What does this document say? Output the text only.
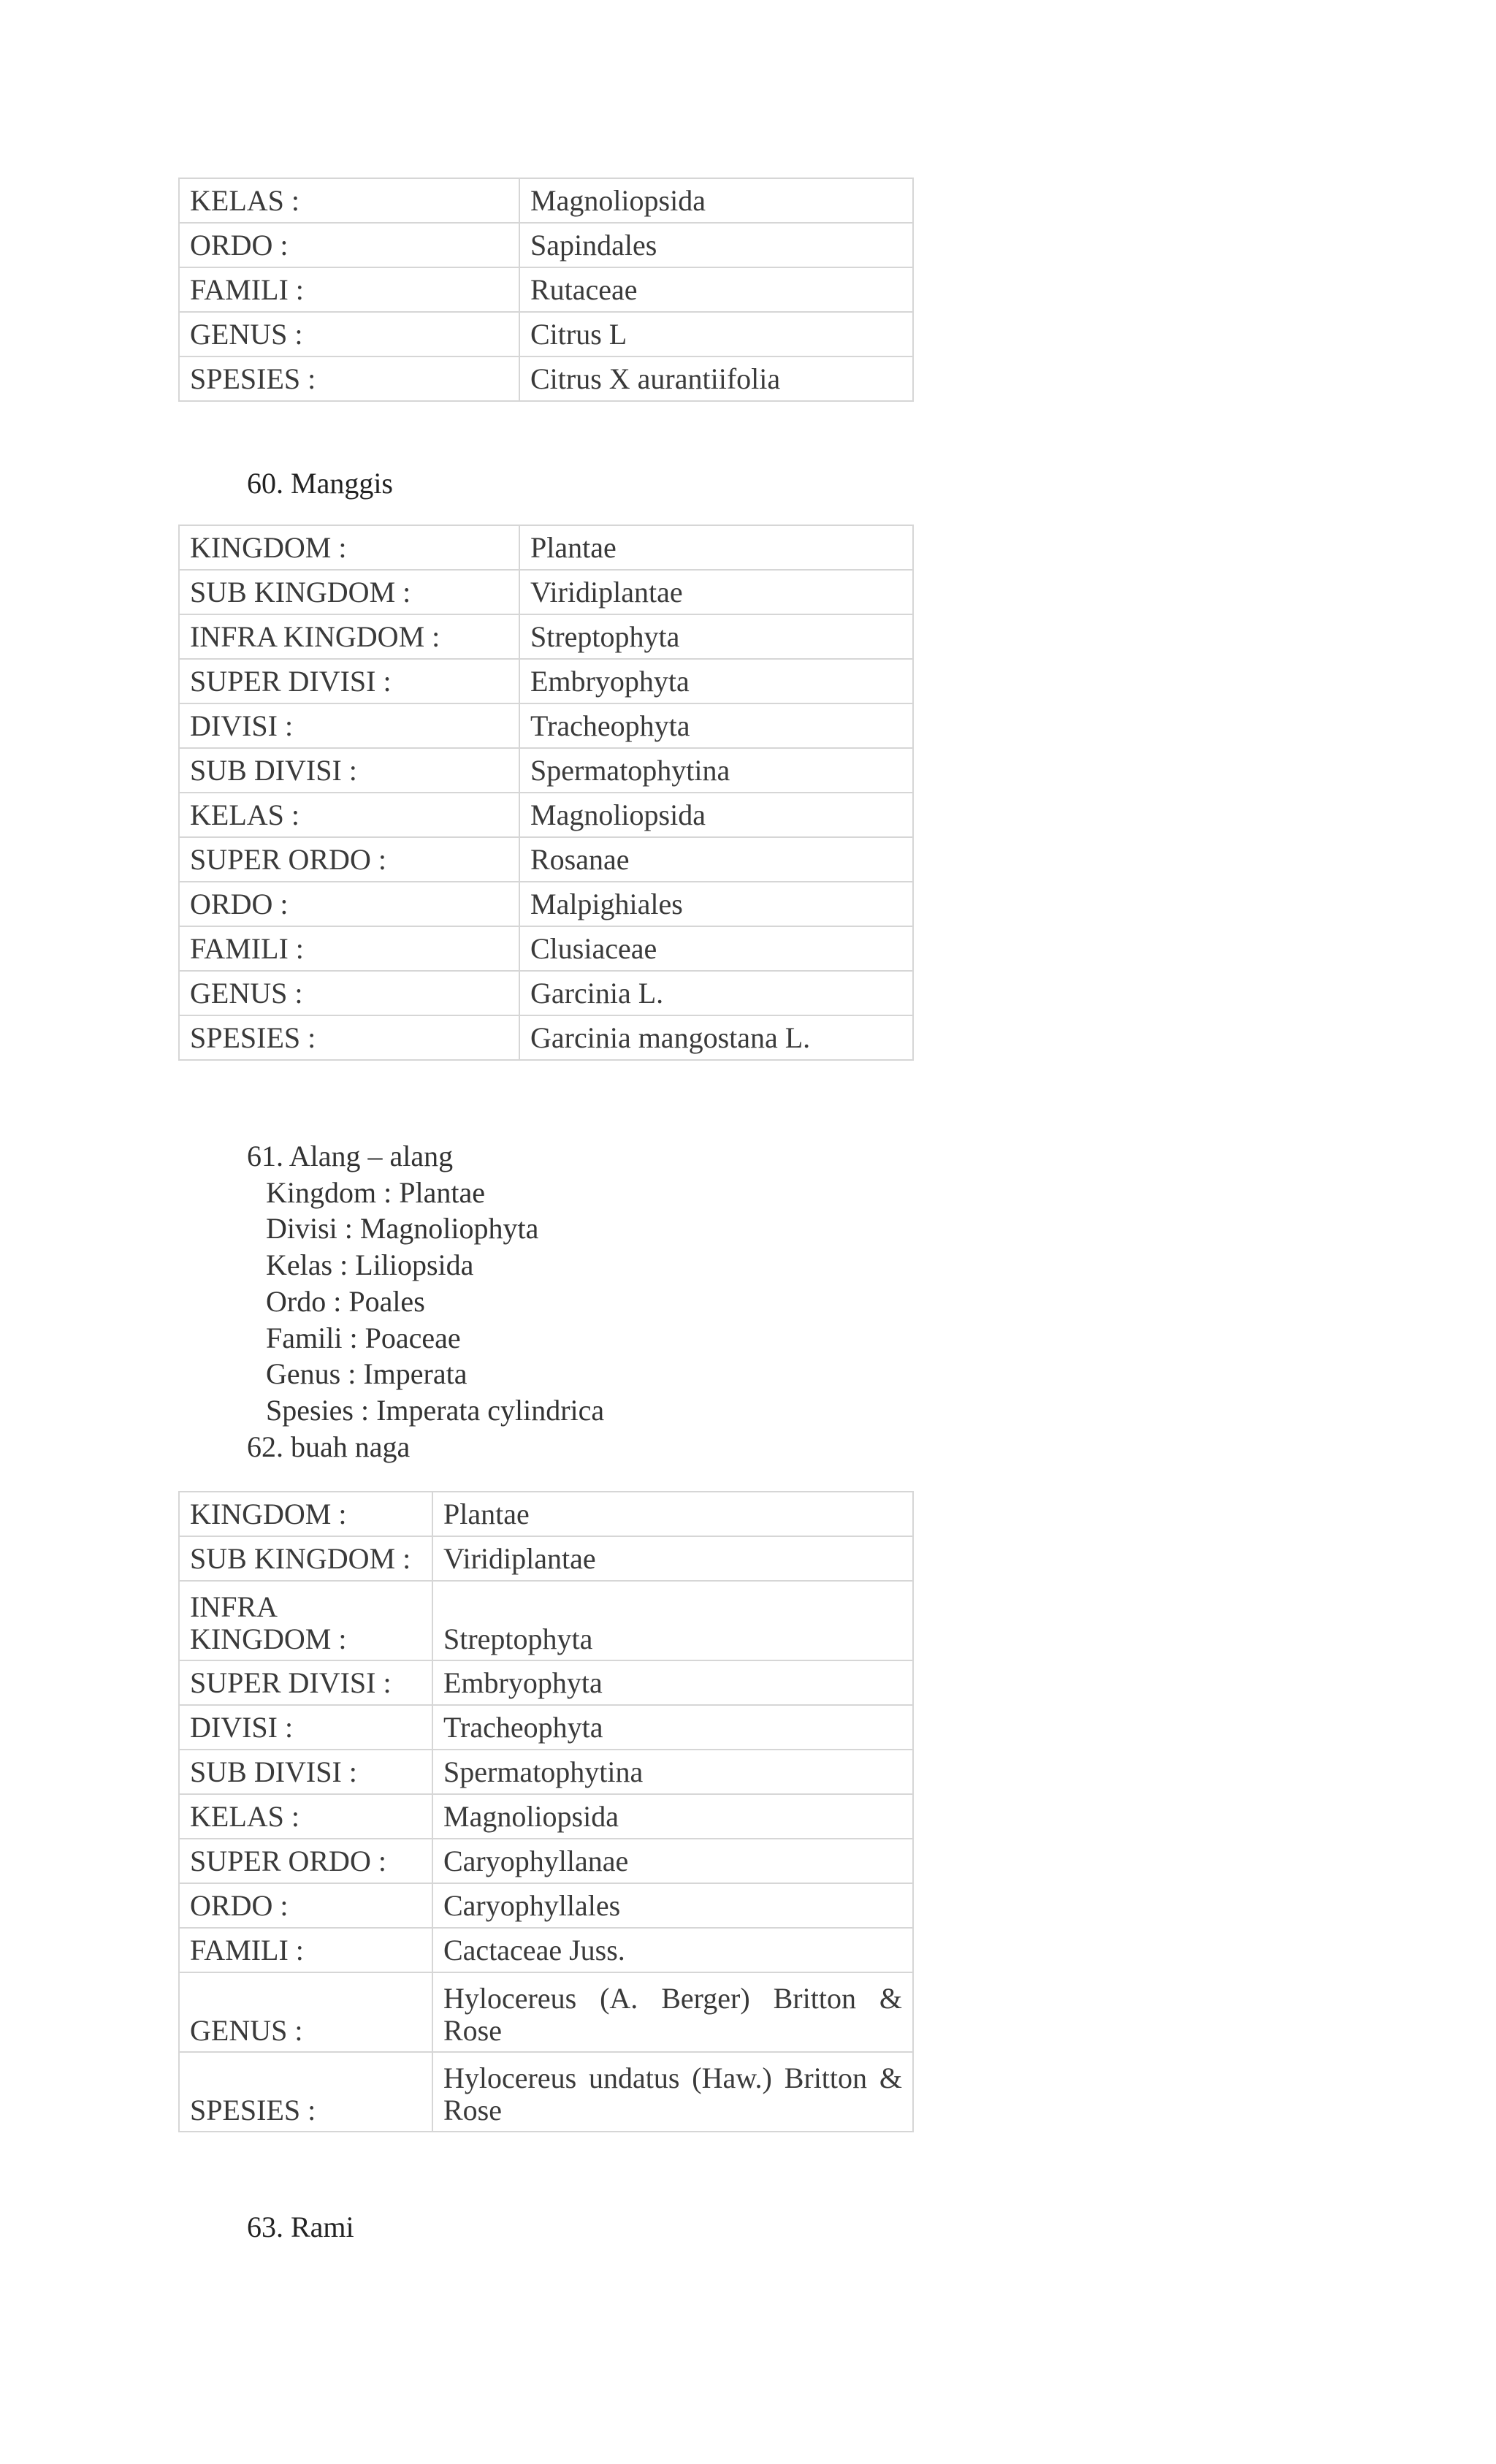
KELAS :	Magnoliopsida
ORDO :	Sapindales
FAMILI :	Rutaceae
GENUS :	Citrus L
SPESIES :	Citrus X aurantiifolia
60. Manggis
KINGDOM :	Plantae
SUB KINGDOM :	Viridiplantae
INFRA KINGDOM :	Streptophyta
SUPER DIVISI :	Embryophyta
DIVISI :	Tracheophyta
SUB DIVISI :	Spermatophytina
KELAS :	Magnoliopsida
SUPER ORDO :	Rosanae
ORDO :	Malpighiales
FAMILI :	Clusiaceae
GENUS :	Garcinia L.
SPESIES :	Garcinia mangostana L.
61. Alang – alang
Kingdom : Plantae
Divisi : Magnoliophyta
Kelas : Liliopsida
Ordo : Poales
Famili : Poaceae
Genus : Imperata
Spesies : Imperata cylindrica
62. buah naga
KINGDOM :	Plantae
SUB KINGDOM :	Viridiplantae
INFRA KINGDOM :	Streptophyta
SUPER DIVISI :	Embryophyta
DIVISI :	Tracheophyta
SUB DIVISI :	Spermatophytina
KELAS :	Magnoliopsida
SUPER ORDO :	Caryophyllanae
ORDO :	Caryophyllales
FAMILI :	Cactaceae Juss.
GENUS :	Hylocereus (A. Berger) Britton & Rose
SPESIES :	Hylocereus undatus (Haw.) Britton & Rose
63. Rami
